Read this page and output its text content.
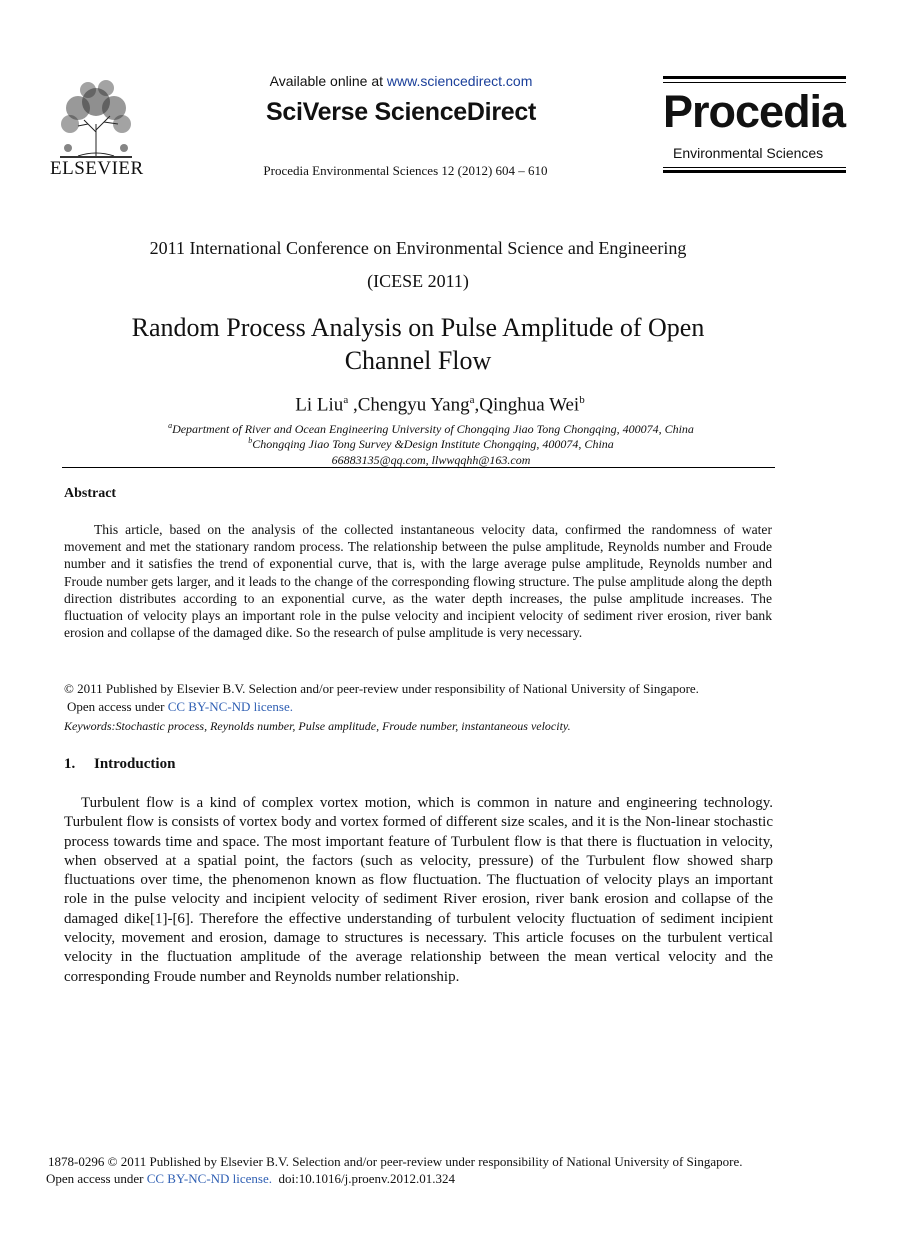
ELSEVIER
Available online at www.sciencedirect.com
SciVerse ScienceDirect
Procedia Environmental Sciences 12 (2012) 604 – 610
Procedia
Environmental Sciences
2011 International Conference on Environmental Science and Engineering
(ICESE 2011)
Random Process Analysis on Pulse Amplitude of Open
Channel Flow
Li Liu$^a$ ,Chengyu Yang$^a$,Qinghua Wei$^b$
$^a$Department of River and Ocean Engineering University of Chongqing Jiao Tong Chongqing, 400074, China
$^b$Chongqing Jiao Tong Survey &Design Institute Chongqing, 400074, China
66883135@qq.com, llwwqqhh@163.com
Abstract
This article, based on the analysis of the collected instantaneous velocity data, confirmed the randomness of water movement and met the stationary random process. The relationship between the pulse amplitude, Reynolds number and Froude number and it satisfies the trend of exponential curve, that is, with the large average pulse amplitude, Reynolds number and Froude number gets larger, and it leads to the change of the corresponding flowing structure. The pulse amplitude along the depth direction distributes according to an exponential curve, as the water depth increases, the pulse amplitude increases. The fluctuation of velocity plays an important role in the pulse velocity and incipient velocity of sediment river erosion, river bank erosion and collapse of the damaged dike. So the research of pulse amplitude is very necessary.
© 2011 Published by Elsevier B.V. Selection and/or peer-review under responsibility of National University of Singapore.
Open access under CC BY-NC-ND license.
Keywords:Stochastic process, Reynolds number, Pulse amplitude, Froude number, instantaneous velocity.
1. Introduction
Turbulent flow is a kind of complex vortex motion, which is common in nature and engineering technology. Turbulent flow is consists of vortex body and vortex formed of different size scales, and it is the Non-linear stochastic process towards time and space. The most important feature of Turbulent flow is that there is fluctuation in velocity, when observed at a spatial point, the factors (such as velocity, pressure) of the Turbulent flow showed sharp fluctuations over time, the phenomenon known as flow fluctuation. The fluctuation of velocity plays an important role in the pulse velocity and incipient velocity of sediment River erosion, river bank erosion and collapse of the damaged dike[1]-[6]. Therefore the effective understanding of turbulent velocity fluctuation of sediment incipient velocity, movement and erosion, damage to structures is necessary. This article focuses on the turbulent vertical velocity in the fluctuation amplitude of the average relationship between the mean vertical velocity and the corresponding Froude number and Reynolds number relationship.
1878-0296 © 2011 Published by Elsevier B.V. Selection and/or peer-review under responsibility of National University of Singapore.
Open access under CC BY-NC-ND license. doi:10.1016/j.proenv.2012.01.324
